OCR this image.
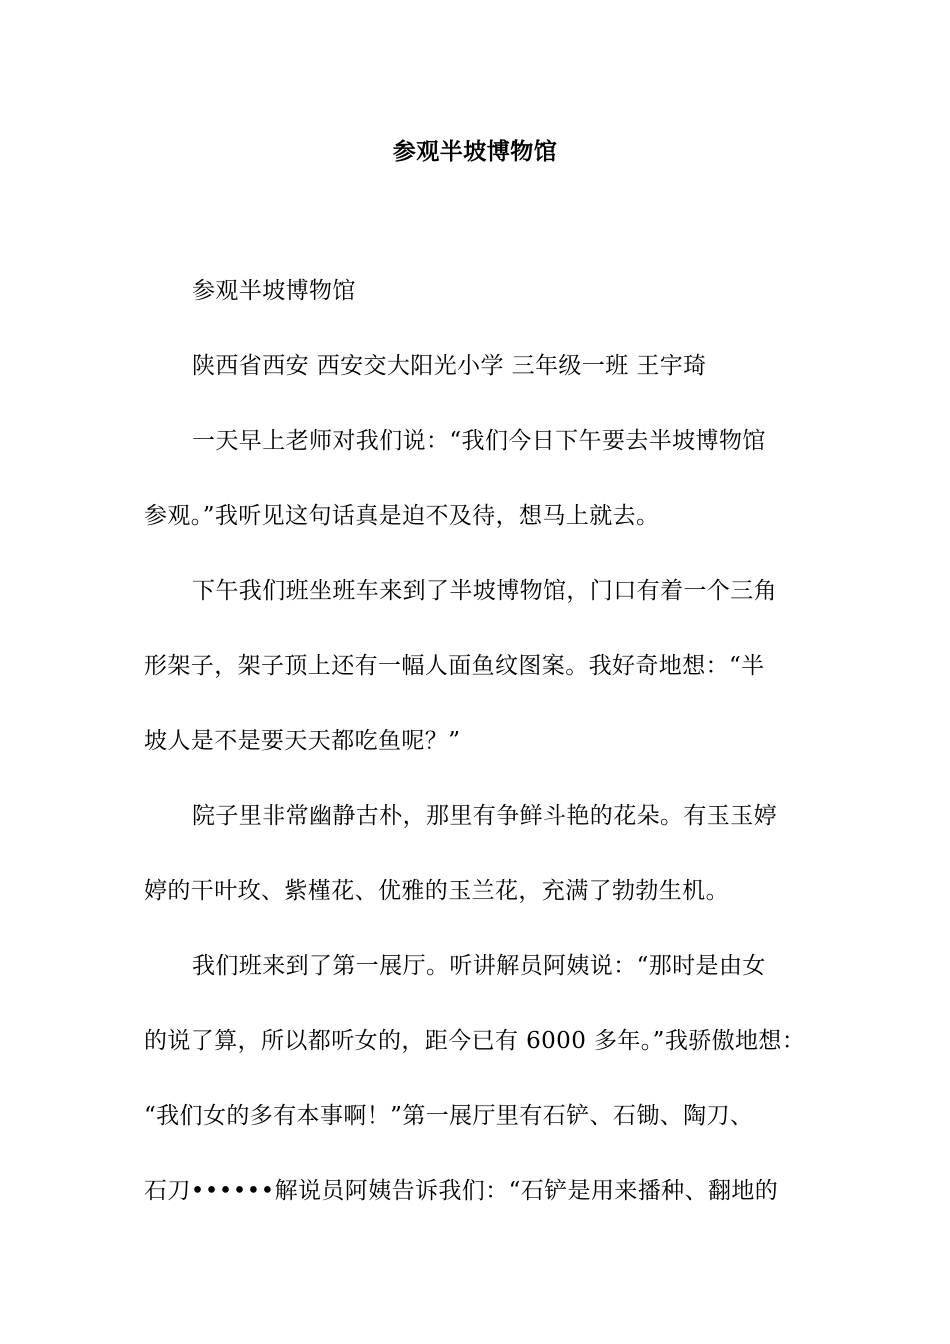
参观半坡博物馆
参观半坡博物馆
陕西省西安 西安交大阳光小学 三年级一班 王宇琦
一天早上老师对我们说：“我们今日下午要去半坡博物馆
参观。”我听见这句话真是迫不及待，想马上就去。
下午我们班坐班车来到了半坡博物馆，门口有着一个三角
形架子，架子顶上还有一幅人面鱼纹图案。我好奇地想：“半
坡人是不是要天天都吃鱼呢？”
院子里非常幽静古朴，那里有争鲜斗艳的花朵。有玉玉婷
婷的干叶玫、紫槿花、优雅的玉兰花，充满了勃勃生机。
我们班来到了第一展厅。听讲解员阿姨说：“那时是由女
的说了算，所以都听女的，距今已有 6000 多年。”我骄傲地想：
“我们女的多有本事啊！”第一展厅里有石铲、石锄、陶刀、
石刀••••••解说员阿姨告诉我们：“石铲是用来播种、翻地的
